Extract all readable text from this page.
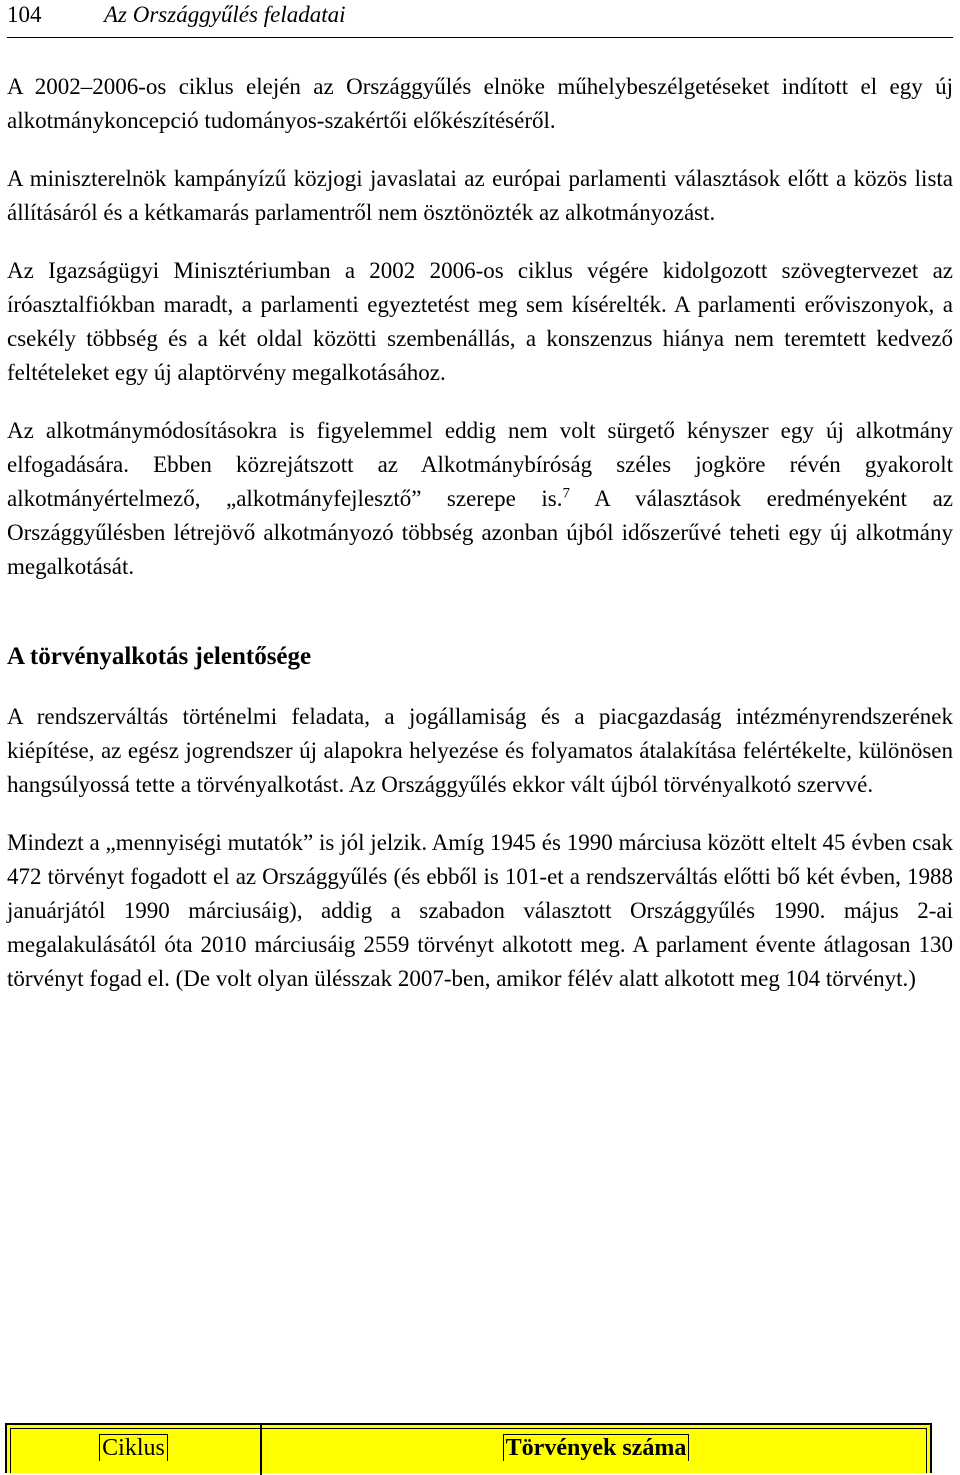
104	Az Országgyűlés feladatai

A 2002–2006-os ciklus elején az Országgyűlés elnöke műhelybeszélgetéseket indított el egy új alkotmánykoncepció tudományos-szakértői előkészítéséről.

A miniszterelnök kampányízű közjogi javaslatai az európai parlamenti választások előtt a közös lista állításáról és a kétkamarás parlamentről nem ösztönözték az alkotmányozást.

Az Igazságügyi Minisztériumban a 2002 2006-os ciklus végére kidolgozott szövegtervezet az íróasztalfiókban maradt, a parlamenti egyeztetést meg sem kísérelték. A parlamenti erőviszonyok, a csekély többség és a két oldal közötti szembenállás, a konszenzus hiánya nem teremtett kedvező feltételeket egy új alaptörvény megalkotásához.

Az alkotmánymódosításokra is figyelemmel eddig nem volt sürgető kényszer egy új alkotmány elfogadására. Ebben közrejátszott az Alkotmánybíróság széles jogköre révén gyakorolt alkotmányértelmező, „alkotmányfejlesztő” szerepe is.$^7$ A választások eredményeként az Országgyűlésben létrejövő alkotmányozó többség azonban újból időszerűvé teheti egy új alkotmány megalkotását.

A törvényalkotás jelentősége

A rendszerváltás történelmi feladata, a jogállamiság és a piacgazdaság intézményrendszerének kiépítése, az egész jogrendszer új alapokra helyezése és folyamatos átalakítása felértékelte, különösen hangsúlyossá tette a törvényalkotást. Az Országgyűlés ekkor vált újból törvényalkotó szervvé.

Mindezt a „mennyiségi mutatók” is jól jelzik. Amíg 1945 és 1990 márciusa között eltelt 45 évben csak 472 törvényt fogadott el az Országgyűlés (és ebből is 101-et a rendszerváltás előtti bő két évben, 1988 januárjától 1990 márciusáig), addig a szabadon választott Országgyűlés 1990. május 2-ai megalakulásától óta 2010 márciusáig 2559 törvényt alkotott meg. A parlament évente átlagosan 130 törvényt fogad el. (De volt olyan ülésszak 2007-ben, amikor félév alatt alkotott meg 104 törvényt.)

Ciklus	Törvények száma
